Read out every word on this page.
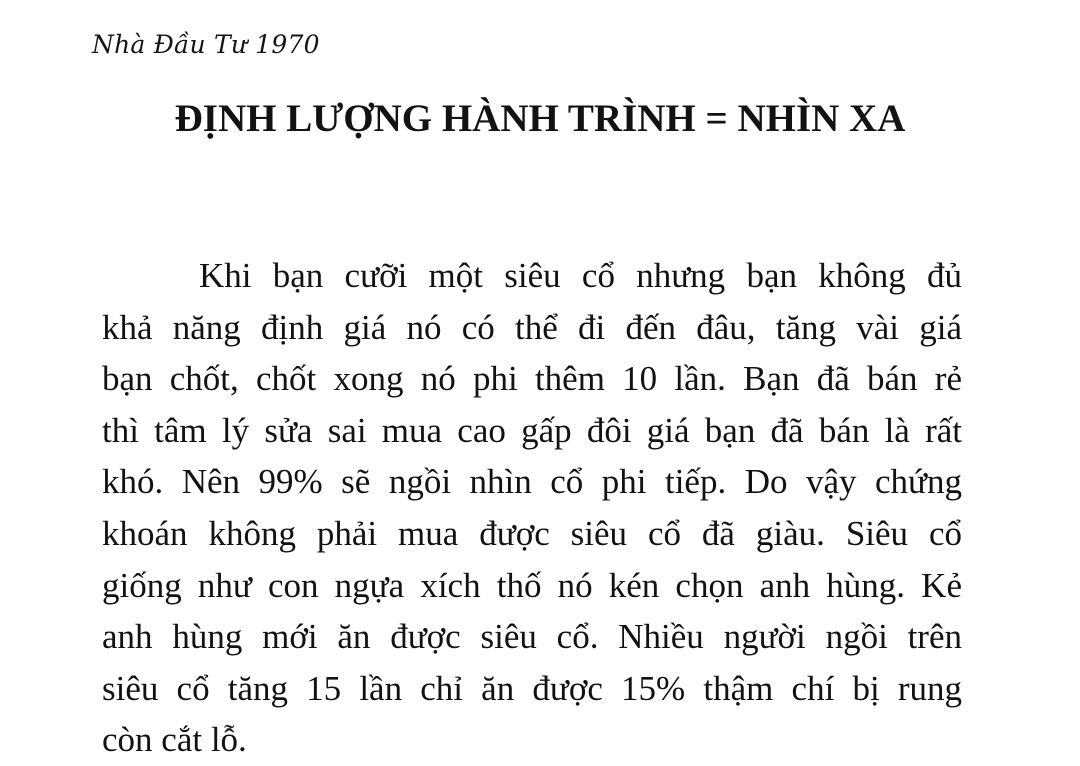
Nhà Đầu Tư 1970
ĐỊNH LƯỢNG HÀNH TRÌNH = NHÌN XA
Khi bạn cưỡi một siêu cổ nhưng bạn không đủ
khả năng định giá nó có thể đi đến đâu, tăng vài giá
bạn chốt, chốt xong nó phi thêm 10 lần. Bạn đã bán rẻ
thì tâm lý sửa sai mua cao gấp đôi giá bạn đã bán là rất
khó. Nên 99% sẽ ngồi nhìn cổ phi tiếp. Do vậy chứng
khoán không phải mua được siêu cổ đã giàu. Siêu cổ
giống như con ngựa xích thố nó kén chọn anh hùng. Kẻ
anh hùng mới ăn được siêu cổ. Nhiều người ngồi trên
siêu cổ tăng 15 lần chỉ ăn được 15% thậm chí bị rung
còn cắt lỗ.
